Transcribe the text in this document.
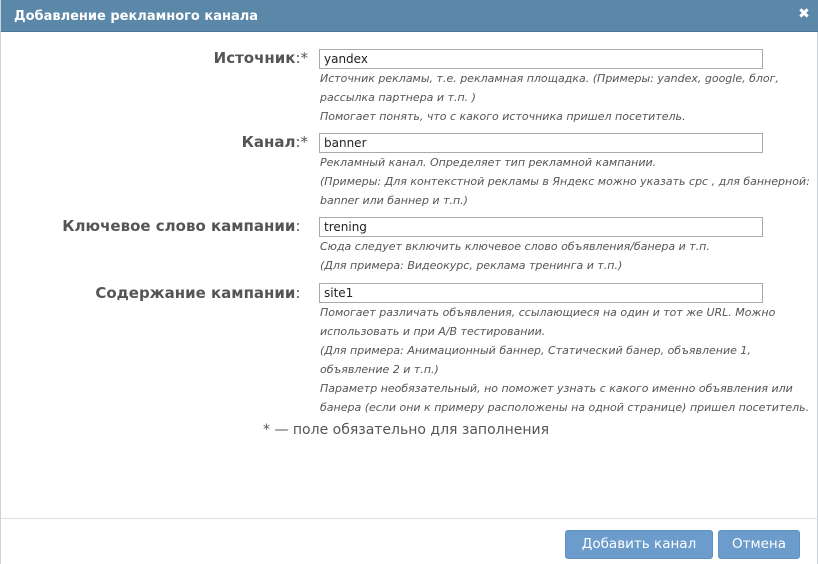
Добавление рекламного канала	✖
Источник:*
yandex

Источник рекламы, т.е. рекламная площадка. (Примеры: yandex, google, блог, рассылка партнера и т.п. )

Помогает понять, что с какого источника пришел посетитель.

Канал:*
banner

Рекламный канал. Определяет тип рекламной кампании.

(Примеры: Для контекстной рекламы в Яндекс можно указать cpc , для баннерной: banner или баннер и т.п.)

Ключевое слово кампании:
trening

Сюда следует включить ключевое слово объявления/банера и т.п.

(Для примера: Видеокурс, реклама тренинга и т.п.)

Содержание кампании:
site1

Помогает различать объявления, ссылающиеся на один и тот же URL. Можно использовать и при A/B тестировании.

(Для примера: Анимационный баннер, Статический банер, объявление 1, объявление 2 и т.п.)

Параметр необязательный, но поможет узнать с какого именно объявления или банера (если они к примеру расположены на одной странице) пришел посетитель.

* — поле обязательно для заполнения
Добавить канал	Отмена
